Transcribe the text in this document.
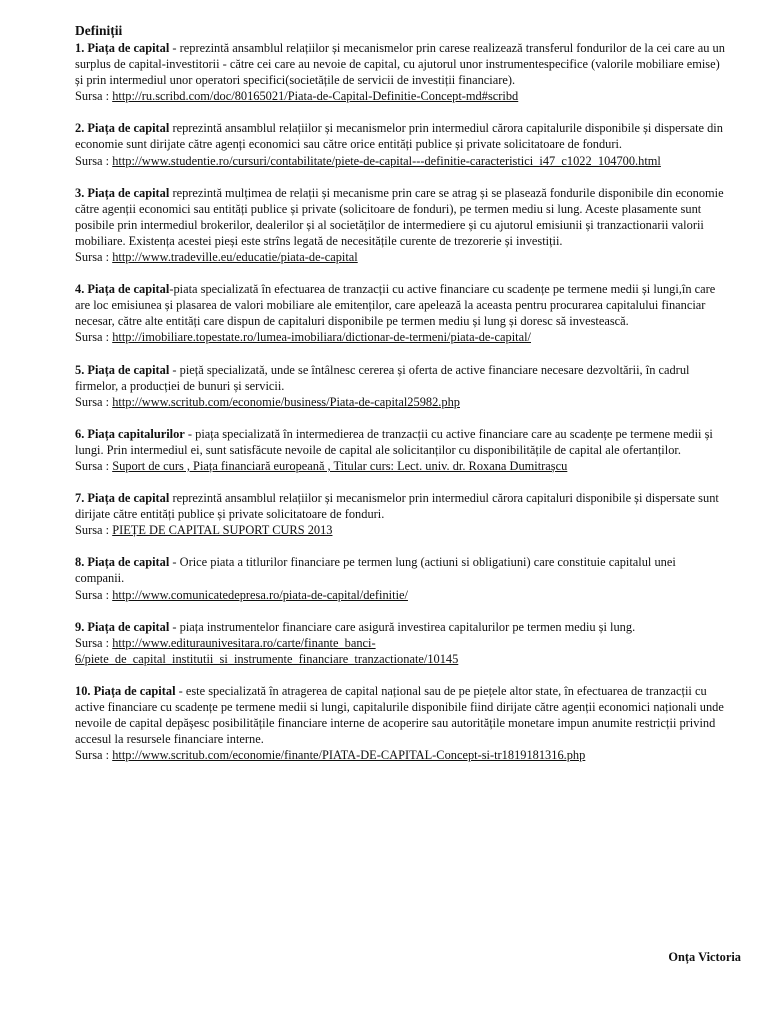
Definiții

1. Piața de capital - reprezintă ansamblul relațiilor și mecanismelor prin carese realizează transferul fondurilor de la cei care au un surplus de capital-investitorii - către cei care au nevoie de capital, cu ajutorul unor instrumentespecifice (valorile mobiliare emise) și prin intermediul unor operatori specifici(societățile de servicii de investiții financiare).

Sursa : http://ru.scribd.com/doc/80165021/Piata-de-Capital-Definitie-Concept-md#scribd

2. Piața de capital reprezintă ansamblul relațiilor și mecanismelor prin intermediul cărora capitalurile disponibile și dispersate din economie sunt dirijate către agenți economici sau către orice entități publice și private solicitatoare de fonduri.

Sursa : http://www.studentie.ro/cursuri/contabilitate/piete-de-capital---definitie-caracteristici_i47_c1022_104700.html

3. Piața de capital reprezintă mulțimea de relații și mecanisme prin care se atrag și se plasează fondurile disponibile din economie către agenții economici sau entități publice și private (solicitoare de fonduri), pe termen mediu si lung. Aceste plasamente sunt posibile prin intermediul brokerilor, dealerilor și al societăților de intermediere și cu ajutorul emisiunii și tranzactionarii valorii mobiliare. Existența acestei pieși este strîns legată de necesitățile curente de trezorerie și investiții.

Sursa : http://www.tradeville.eu/educatie/piata-de-capital

4. Piața de capital-piata specializată în efectuarea de tranzacții cu active financiare cu scadențe pe termene medii și lungi,în care are loc emisiunea și plasarea de valori mobiliare ale emitenților, care apelează la aceasta pentru procurarea capitalului financiar necesar, către alte entități care dispun de capitaluri disponibile pe termen mediu și lung și doresc să investească.

Sursa : http://imobiliare.topestate.ro/lumea-imobiliara/dictionar-de-termeni/piata-de-capital/

5. Piața de capital - piețǎ specializatǎ, unde se întâlnesc cererea și oferta de active financiare necesare dezvoltǎrii, în cadrul firmelor, a producției de bunuri și servicii.

Sursa : http://www.scritub.com/economie/business/Piata-de-capital25982.php

6. Piața capitalurilor - piața specializată în intermedierea de tranzacții cu active financiare care au scadențe pe termene medii și lungi. Prin intermediul ei, sunt satisfăcute nevoile de capital ale solicitanților cu disponibilitățile de capital ale ofertanților.

Sursa : Suport de curs , Piața financiară europeană , Titular curs: Lect. univ. dr. Roxana Dumitrașcu

7. Piața de capital reprezintă ansamblul relațiilor și mecanismelor prin intermediul cărora capitaluri disponibile și dispersate sunt dirijate către entități publice și private solicitatoare de fonduri.

Sursa : PIEȚE DE CAPITAL SUPORT CURS 2013

8. Piața de capital - Orice piata a titlurilor financiare pe termen lung (actiuni si obligatiuni) care constituie capitalul unei companii.

Sursa : http://www.comunicatedepresa.ro/piata-de-capital/definitie/

9. Piața de capital - piața instrumentelor financiare care asigură investirea capitalurilor pe termen mediu și lung.

Sursa : http://www.edituraunivesitara.ro/carte/finante_banci-6/piete_de_capital_institutii_si_instrumente_financiare_tranzactionate/10145

10. Piața de capital - este specializată în atragerea de capital național sau de pe piețele altor state, în efectuarea de tranzacții cu active financiare cu scadențe pe termene medii si lungi, capitalurile disponibile fiind dirijate către agenții economici naționali unde nevoile de capital depășesc posibilitățile financiare interne de acoperire sau autoritățile monetare impun anumite restricții privind accesul la resursele financiare interne.

Sursa : http://www.scritub.com/economie/finante/PIATA-DE-CAPITAL-Concept-si-tr1819181316.php

Onța Victoria
